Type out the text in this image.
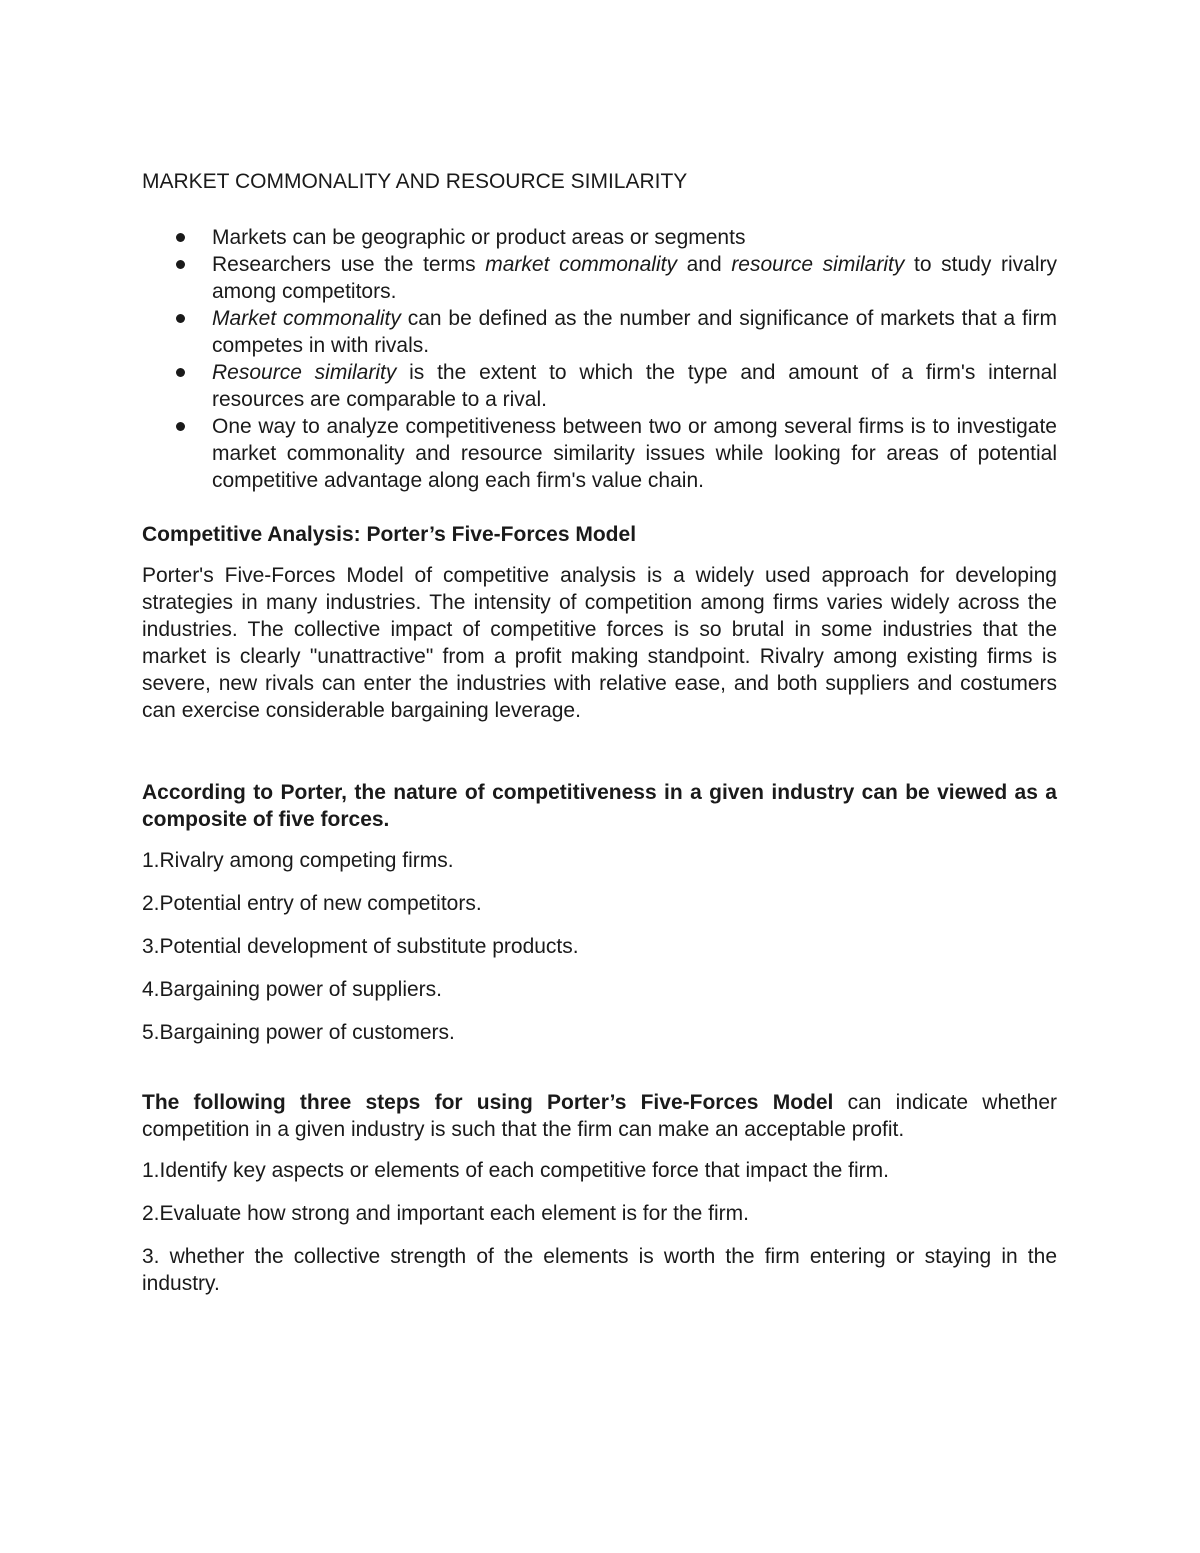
MARKET COMMONALITY AND RESOURCE SIMILARITY
Markets can be geographic or product areas or segments
Researchers use the terms market commonality and resource similarity to study rivalry among competitors.
Market commonality can be defined as the number and significance of markets that a firm competes in with rivals.
Resource similarity is the extent to which the type and amount of a firm's internal resources are comparable to a rival.
One way to analyze competitiveness between two or among several firms is to investigate market commonality and resource similarity issues while looking for areas of potential competitive advantage along each firm's value chain.
Competitive Analysis: Porter’s Five-Forces Model

Porter's Five-Forces Model of competitive analysis is a widely used approach for developing strategies in many industries. The intensity of competition among firms varies widely across the industries. The collective impact of competitive forces is so brutal in some industries that the market is clearly "unattractive" from a profit making standpoint. Rivalry among existing firms is severe, new rivals can enter the industries with relative ease, and both suppliers and costumers can exercise considerable bargaining leverage.

According to Porter, the nature of competitiveness in a given industry can be viewed as a composite of five forces.
1.Rivalry among competing firms.
2.Potential entry of new competitors.
3.Potential development of substitute products.
4.Bargaining power of suppliers.
5.Bargaining power of customers.

The following three steps for using Porter’s Five-Forces Model can indicate whether competition in a given industry is such that the firm can make an acceptable profit.

1.Identify key aspects or elements of each competitive force that impact the firm.
2.Evaluate how strong and important each element is for the firm.
3. whether the collective strength of the elements is worth the firm entering or staying in the industry.
